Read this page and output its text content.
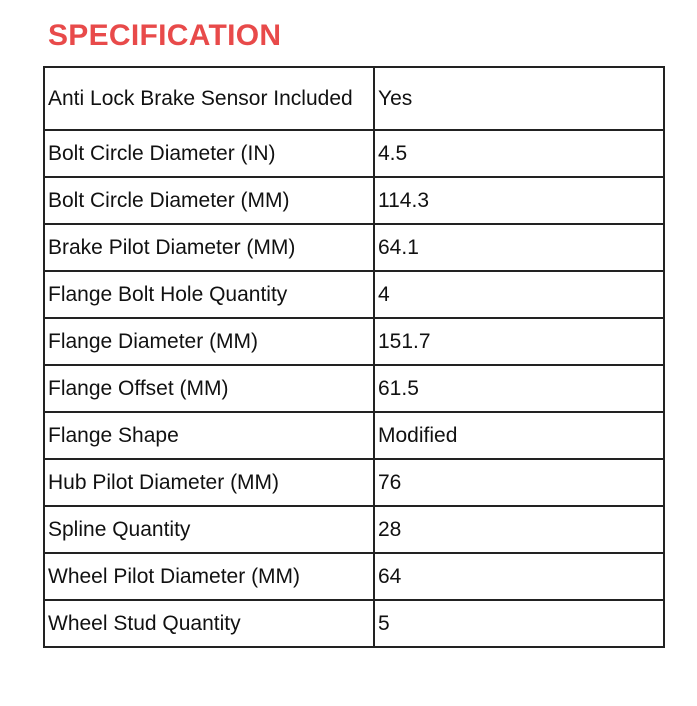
SPECIFICATION
Anti Lock Brake Sensor Included	Yes
Bolt Circle Diameter (IN)	4.5
Bolt Circle Diameter (MM)	114.3
Brake Pilot Diameter (MM)	64.1
Flange Bolt Hole Quantity	4
Flange Diameter (MM)	151.7
Flange Offset (MM)	61.5
Flange Shape	Modified
Hub Pilot Diameter (MM)	76
Spline Quantity	28
Wheel Pilot Diameter (MM)	64
Wheel Stud Quantity	5
